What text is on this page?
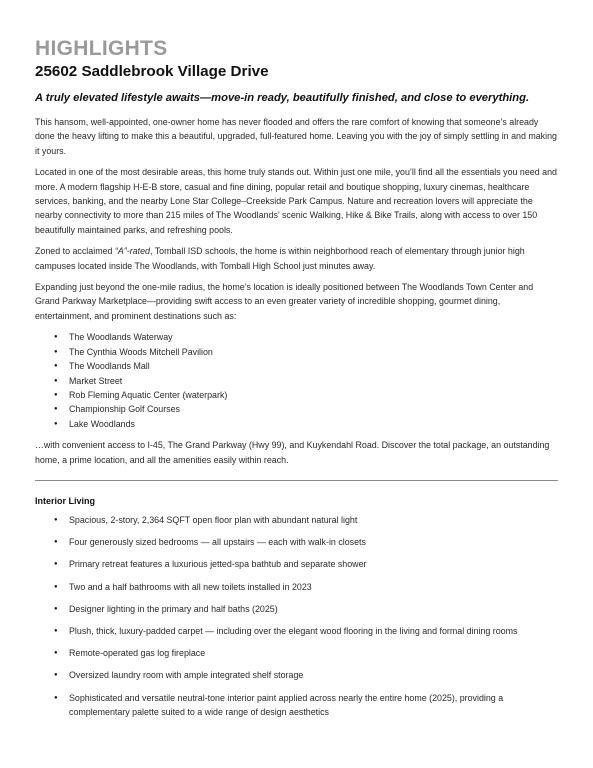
HIGHLIGHTS
25602 Saddlebrook Village Drive
A truly elevated lifestyle awaits—move-in ready, beautifully finished, and close to everything.

This hansom, well-appointed, one-owner home has never flooded and offers the rare comfort of knowing that someone’s already done the heavy lifting to make this a beautiful, upgraded, full-featured home. Leaving you with the joy of simply settling in and making it yours.

Located in one of the most desirable areas, this home truly stands out. Within just one mile, you’ll find all the essentials you need and more. A modern flagship H-E-B store, casual and fine dining, popular retail and boutique shopping, luxury cinemas, healthcare services, banking, and the nearby Lone Star College–Creekside Park Campus. Nature and recreation lovers will appreciate the nearby connectivity to more than 215 miles of The Woodlands’ scenic Walking, Hike & Bike Trails, along with access to over 150 beautifully maintained parks, and refreshing pools.

Zoned to acclaimed “A”-rated, Tomball ISD schools, the home is within neighborhood reach of elementary through junior high campuses located inside The Woodlands, with Tomball High School just minutes away.

Expanding just beyond the one-mile radius, the home’s location is ideally positioned between The Woodlands Town Center and Grand Parkway Marketplace—providing swift access to an even greater variety of incredible shopping, gourmet dining, entertainment, and prominent destinations such as:

● The Woodlands Waterway
● The Cynthia Woods Mitchell Pavilion
● The Woodlands Mall
● Market Street
● Rob Fleming Aquatic Center (waterpark)
● Championship Golf Courses
● Lake Woodlands

…with convenient access to I-45, The Grand Parkway (Hwy 99), and Kuykendahl Road. Discover the total package, an outstanding home, a prime location, and all the amenities easily within reach.

Interior Living
● Spacious, 2-story, 2,364 SQFT open floor plan with abundant natural light
● Four generously sized bedrooms — all upstairs — each with walk-in closets
● Primary retreat features a luxurious jetted-spa bathtub and separate shower
● Two and a half bathrooms with all new toilets installed in 2023
● Designer lighting in the primary and half baths (2025)
● Plush, thick, luxury-padded carpet — including over the elegant wood flooring in the living and formal dining rooms
● Remote-operated gas log fireplace
● Oversized laundry room with ample integrated shelf storage
● Sophisticated and versatile neutral-tone interior paint applied across nearly the entire home (2025), providing a complementary palette suited to a wide range of design aesthetics
